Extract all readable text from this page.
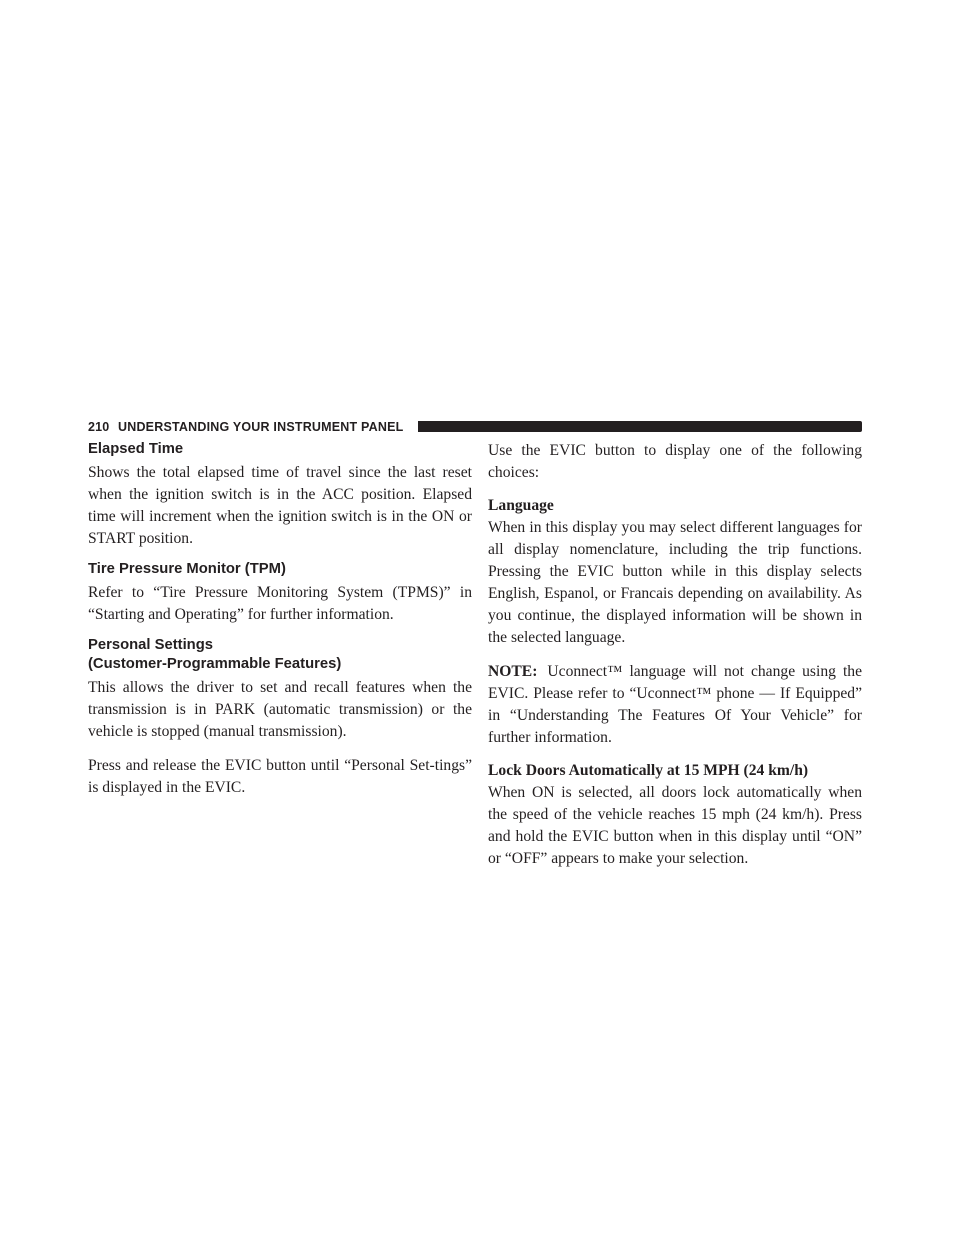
210 UNDERSTANDING YOUR INSTRUMENT PANEL
Elapsed Time

Shows the total elapsed time of travel since the last reset when the ignition switch is in the ACC position. Elapsed time will increment when the ignition switch is in the ON or START position.

Tire Pressure Monitor (TPM)

Refer to “Tire Pressure Monitoring System (TPMS)” in “Starting and Operating” for further information.

Personal Settings
(Customer-Programmable Features)

This allows the driver to set and recall features when the transmission is in PARK (automatic transmission) or the vehicle is stopped (manual transmission).

Press and release the EVIC button until “Personal Set-tings” is displayed in the EVIC.

Use the EVIC button to display one of the following choices:

Language

When in this display you may select different languages for all display nomenclature, including the trip functions. Pressing the EVIC button while in this display selects English, Espanol, or Francais depending on availability. As you continue, the displayed information will be shown in the selected language.

NOTE: Uconnect™ language will not change using the EVIC. Please refer to “Uconnect™ phone — If Equipped” in “Understanding The Features Of Your Vehicle” for further information.

Lock Doors Automatically at 15 MPH (24 km/h)

When ON is selected, all doors lock automatically when the speed of the vehicle reaches 15 mph (24 km/h). Press and hold the EVIC button when in this display until “ON” or “OFF” appears to make your selection.
